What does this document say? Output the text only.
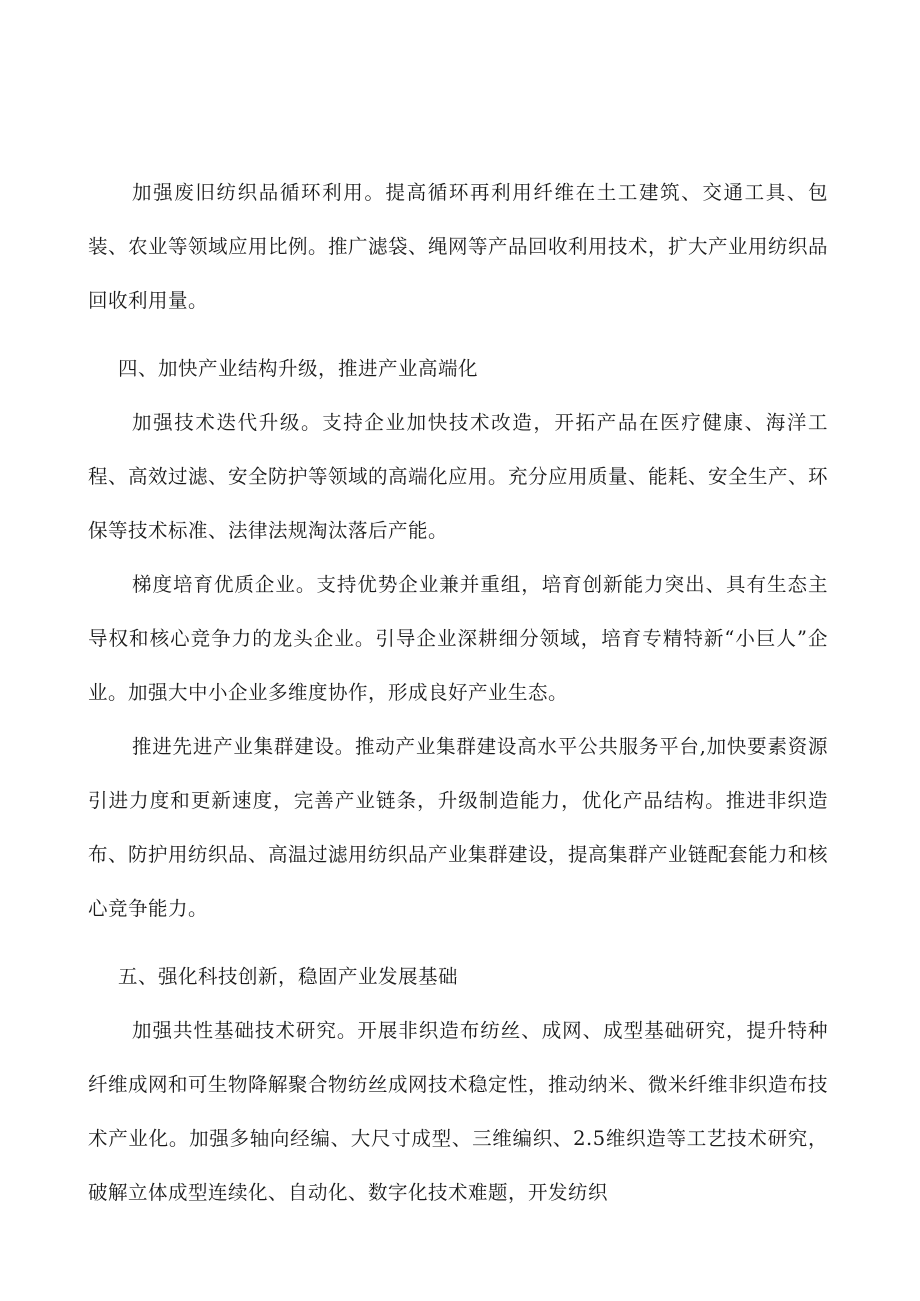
加强废旧纺织品循环利用。提高循环再利用纤维在土工建筑、交通工具、包装、农业等领域应用比例。推广滤袋、绳网等产品回收利用技术，扩大产业用纺织品回收利用量。

四、加快产业结构升级，推进产业高端化

加强技术迭代升级。支持企业加快技术改造，开拓产品在医疗健康、海洋工程、高效过滤、安全防护等领域的高端化应用。充分应用质量、能耗、安全生产、环保等技术标准、法律法规淘汰落后产能。

梯度培育优质企业。支持优势企业兼并重组，培育创新能力突出、具有生态主导权和核心竞争力的龙头企业。引导企业深耕细分领域，培育专精特新“小巨人”企业。加强大中小企业多维度协作，形成良好产业生态。

推进先进产业集群建设。推动产业集群建设高水平公共服务平台,加快要素资源引进力度和更新速度，完善产业链条，升级制造能力，优化产品结构。推进非织造布、防护用纺织品、高温过滤用纺织品产业集群建设，提高集群产业链配套能力和核心竞争能力。

五、强化科技创新，稳固产业发展基础

加强共性基础技术研究。开展非织造布纺丝、成网、成型基础研究，提升特种纤维成网和可生物降解聚合物纺丝成网技术稳定性，推动纳米、微米纤维非织造布技术产业化。加强多轴向经编、大尺寸成型、三维编织、2.5维织造等工艺技术研究，破解立体成型连续化、自动化、数字化技术难题，开发纺织
